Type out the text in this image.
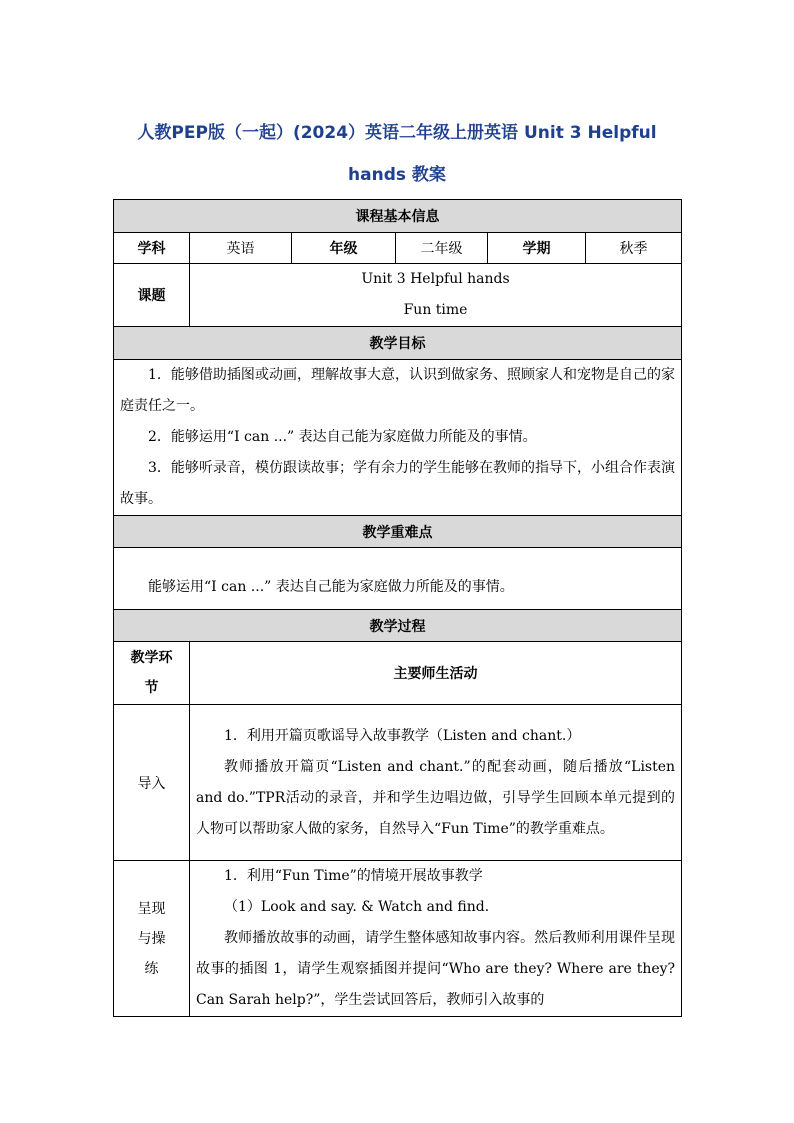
人教PEP版（一起）(2024）英语二年级上册英语 Unit 3 Helpful
hands 教案
课程基本信息					
学科	英语	年级	二年级	学期	秋季
课题	Unit 3 Helpful hands
Fun time				

教学目标					

1．能够借助插图或动画，理解故事大意，认识到做家务、照顾家人和宠物是自己的家庭责任之一。

2．能够运用“I can ...” 表达自己能为家庭做力所能及的事情。

3．能够听录音，模仿跟读故事；学有余力的学生能够在教师的指导下，小组合作表演故事。					

教学重难点					

能够运用“I can ...” 表达自己能为家庭做力所能及的事情。					

教学过程					
教学环节	主要师生活动				
导入	1．利用开篇页歌谣导入故事教学（Listen and chant.）

教师播放开篇页“Listen and chant.”的配套动画，随后播放“Listen and do.”TPR活动的录音，并和学生边唱边做，引导学生回顾本单元提到的人物可以帮助家人做的家务，自然导入“Fun Time”的教学重难点。				

呈现与操练	1．利用“Fun Time”的情境开展故事教学

（1）Look and say. & Watch and find.

教师播放故事的动画，请学生整体感知故事内容。然后教师利用课件呈现故事的插图 1，请学生观察插图并提问“Who are they? Where are they? Can Sarah help?”，学生尝试回答后，教师引入故事的				
